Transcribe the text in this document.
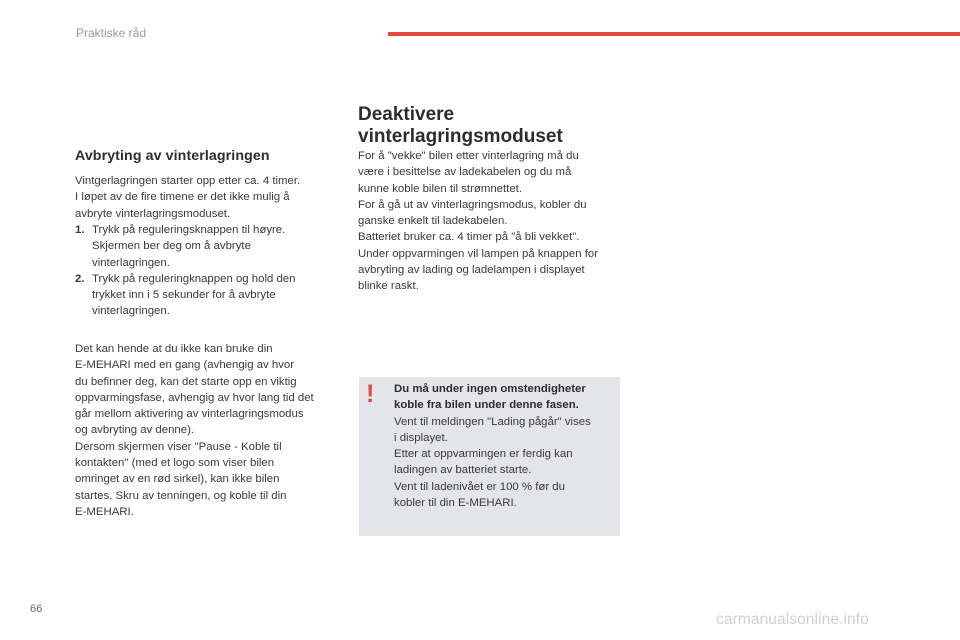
Praktiske råd
Avbryting av vinterlagringen

Vintgerlagringen starter opp etter ca. 4 timer.

I løpet av de fire timene er det ikke mulig å

avbryte vinterlagringsmoduset.

1. Trykk på reguleringsknappen til høyre.
Skjermen ber deg om å avbryte
vinterlagringen.
2. Trykk på reguleringknappen og hold den
trykket inn i 5 sekunder for å avbryte
vinterlagringen.

Det kan hende at du ikke kan bruke din

E-MEHARI med en gang (avhengig av hvor

du befinner deg, kan det starte opp en viktig

oppvarmingsfase, avhengig av hvor lang tid det

går mellom aktivering av vinterlagringsmodus

og avbryting av denne).

Dersom skjermen viser "Pause - Koble til

kontakten" (med et logo som viser bilen

omringet av en rød sirkel), kan ikke bilen

startes. Skru av tenningen, og koble til din

E-MEHARI.

Deaktivere
vinterlagringsmoduset

For å "vekke" bilen etter vinterlagring må du

være i besittelse av ladekabelen og du må

kunne koble bilen til strømnettet.

For å gå ut av vinterlagringsmodus, kobler du

ganske enkelt til ladekabelen.

Batteriet bruker ca. 4 timer på "å bli vekket".

Under oppvarmingen vil lampen på knappen for

avbryting av lading og ladelampen i displayet

blinke raskt.

! Du må under ingen omstendigheter
koble fra bilen under denne fasen.
Vent til meldingen "Lading pågår" vises
i displayet.
Etter at oppvarmingen er ferdig kan
ladingen av batteriet starte.
Vent til ladenivået er 100 % før du
kobler til din E-MEHARI.
66
carmanualsonline.info
